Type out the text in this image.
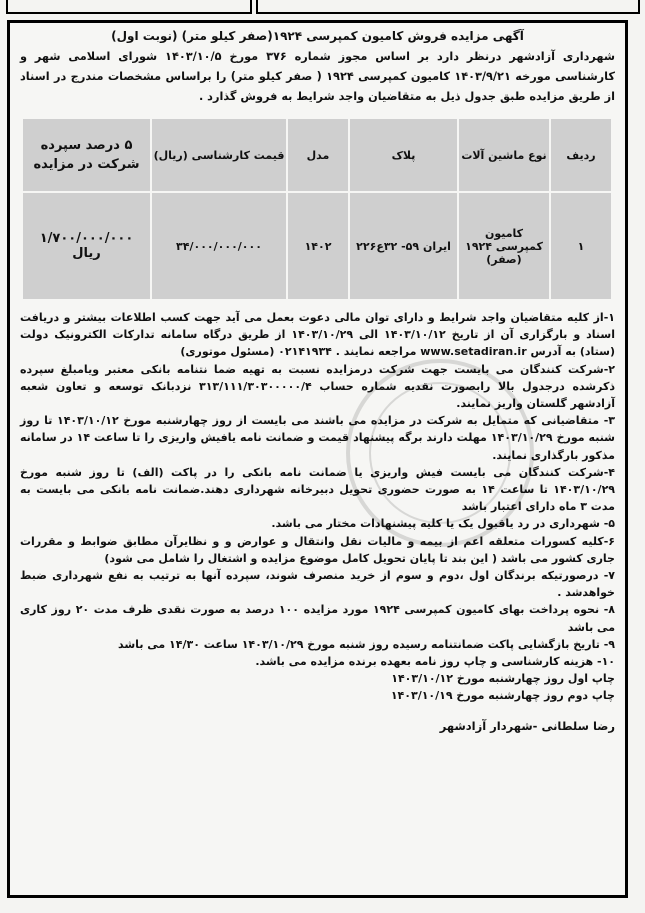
آگهی مزایده فروش کامیون کمپرسی ۱۹۲۴(صفر کیلو متر) (نوبت اول)

شهرداری آزادشهر درنظر دارد بر اساس مجوز شماره ۳۷۶ مورخ ۱۴۰۳/۱۰/۵ شورای اسلامی شهر و کارشناسی مورخه ۱۴۰۳/۹/۲۱ کامیون کمپرسی ۱۹۲۴ ( صفر کیلو متر) را براساس مشخصات مندرج در اسناد از طریق مزایده طبق جدول ذیل به متقاضیان واجد شرایط به فروش گذارد .

ردیف	نوع ماشین آلات	پلاک	مدل	قیمت کارشناسی (ریال)	۵ درصد سپرده شرکت در مزایده
۱	کامیون کمپرسی ۱۹۲۴ (صفر)	ایران ۵۹- ۳۲ع۲۲۶	۱۴۰۲	۳۴/۰۰۰/۰۰۰/۰۰۰	۱/۷۰۰/۰۰۰/۰۰۰ ریال

۱-از کلیه متقاضیان واجد شرایط و دارای توان مالی دعوت بعمل می آید جهت کسب اطلاعات بیشتر و دریافت اسناد و بارگزاری آن از تاریخ ۱۴۰۳/۱۰/۱۲ الی ۱۴۰۳/۱۰/۲۹ از طریق درگاه سامانه تدارکات الکترونیک دولت (ستاد) به آدرس www.setadiran.ir مراجعه نمایند . ۰۲۱۴۱۹۳۴ (مسئول موتوری)

۲-شرکت کنندگان می بایست جهت شرکت درمزایده نسبت به تهیه ضما نتنامه بانکی معتبر ویامبلغ سپرده ذکرشده درجدول بالا رابصورت نقدیه شماره حساب ۳۱۳/۱۱۱/۳۰۳۰۰۰۰۰/۴ نزدبانک توسعه و تعاون شعبه آزادشهر گلستان واریز نمایند.

۳- متقاضیانی که متمایل به شرکت در مزایده می باشند می بایست از روز چهارشنبه مورخ ۱۴۰۳/۱۰/۱۲ تا روز شنبه مورخ ۱۴۰۳/۱۰/۲۹ مهلت دارند برگه پیشنهاد قیمت و ضمانت نامه یافیش واریزی را تا ساعت ۱۴ در سامانه مذکور بارگذاری نمایند.

۴-شرکت کنندگان می بایست فیش واریزی یا ضمانت نامه بانکی را در پاکت (الف) تا روز شنبه مورخ ۱۴۰۳/۱۰/۲۹ تا ساعت ۱۴ به صورت حضوری تحویل دبیرخانه شهرداری دهند.ضمانت نامه بانکی می بایست به مدت ۳ ماه دارای اعتبار باشد

۵- شهرداری در رد یاقبول یک یا کلیه پیشنهادات مختار می باشد.

۶-کلیه کسورات متعلقه اعم از بیمه و مالیات نقل وانتقال و عوارض و و نظایرآن مطابق ضوابط و مقررات جاری کشور می باشد ( این بند تا پایان تحویل کامل موضوع مزایده و اشتغال را شامل می شود)

۷- درصورتیکه برندگان اول ،دوم و سوم از خرید منصرف شوند، سپرده آنها به ترتیب به نفع شهرداری ضبط خواهدشد .

۸- نحوه پرداخت بهای کامیون کمپرسی ۱۹۲۴ مورد مزایده ۱۰۰ درصد به صورت نقدی ظرف مدت ۲۰ روز کاری می باشد

۹- تاریخ بازگشایی پاکت ضمانتنامه رسیده روز شنبه مورخ ۱۴۰۳/۱۰/۲۹ ساعت ۱۴/۳۰ می باشد

۱۰- هزینه کارشناسی و چاپ روز نامه بعهده برنده مزایده می باشد.

چاپ اول روز چهارشنبه مورخ ۱۴۰۳/۱۰/۱۲

چاپ دوم روز چهارشنبه مورخ ۱۴۰۳/۱۰/۱۹

رضا سلطانی -شهردار آزادشهر
